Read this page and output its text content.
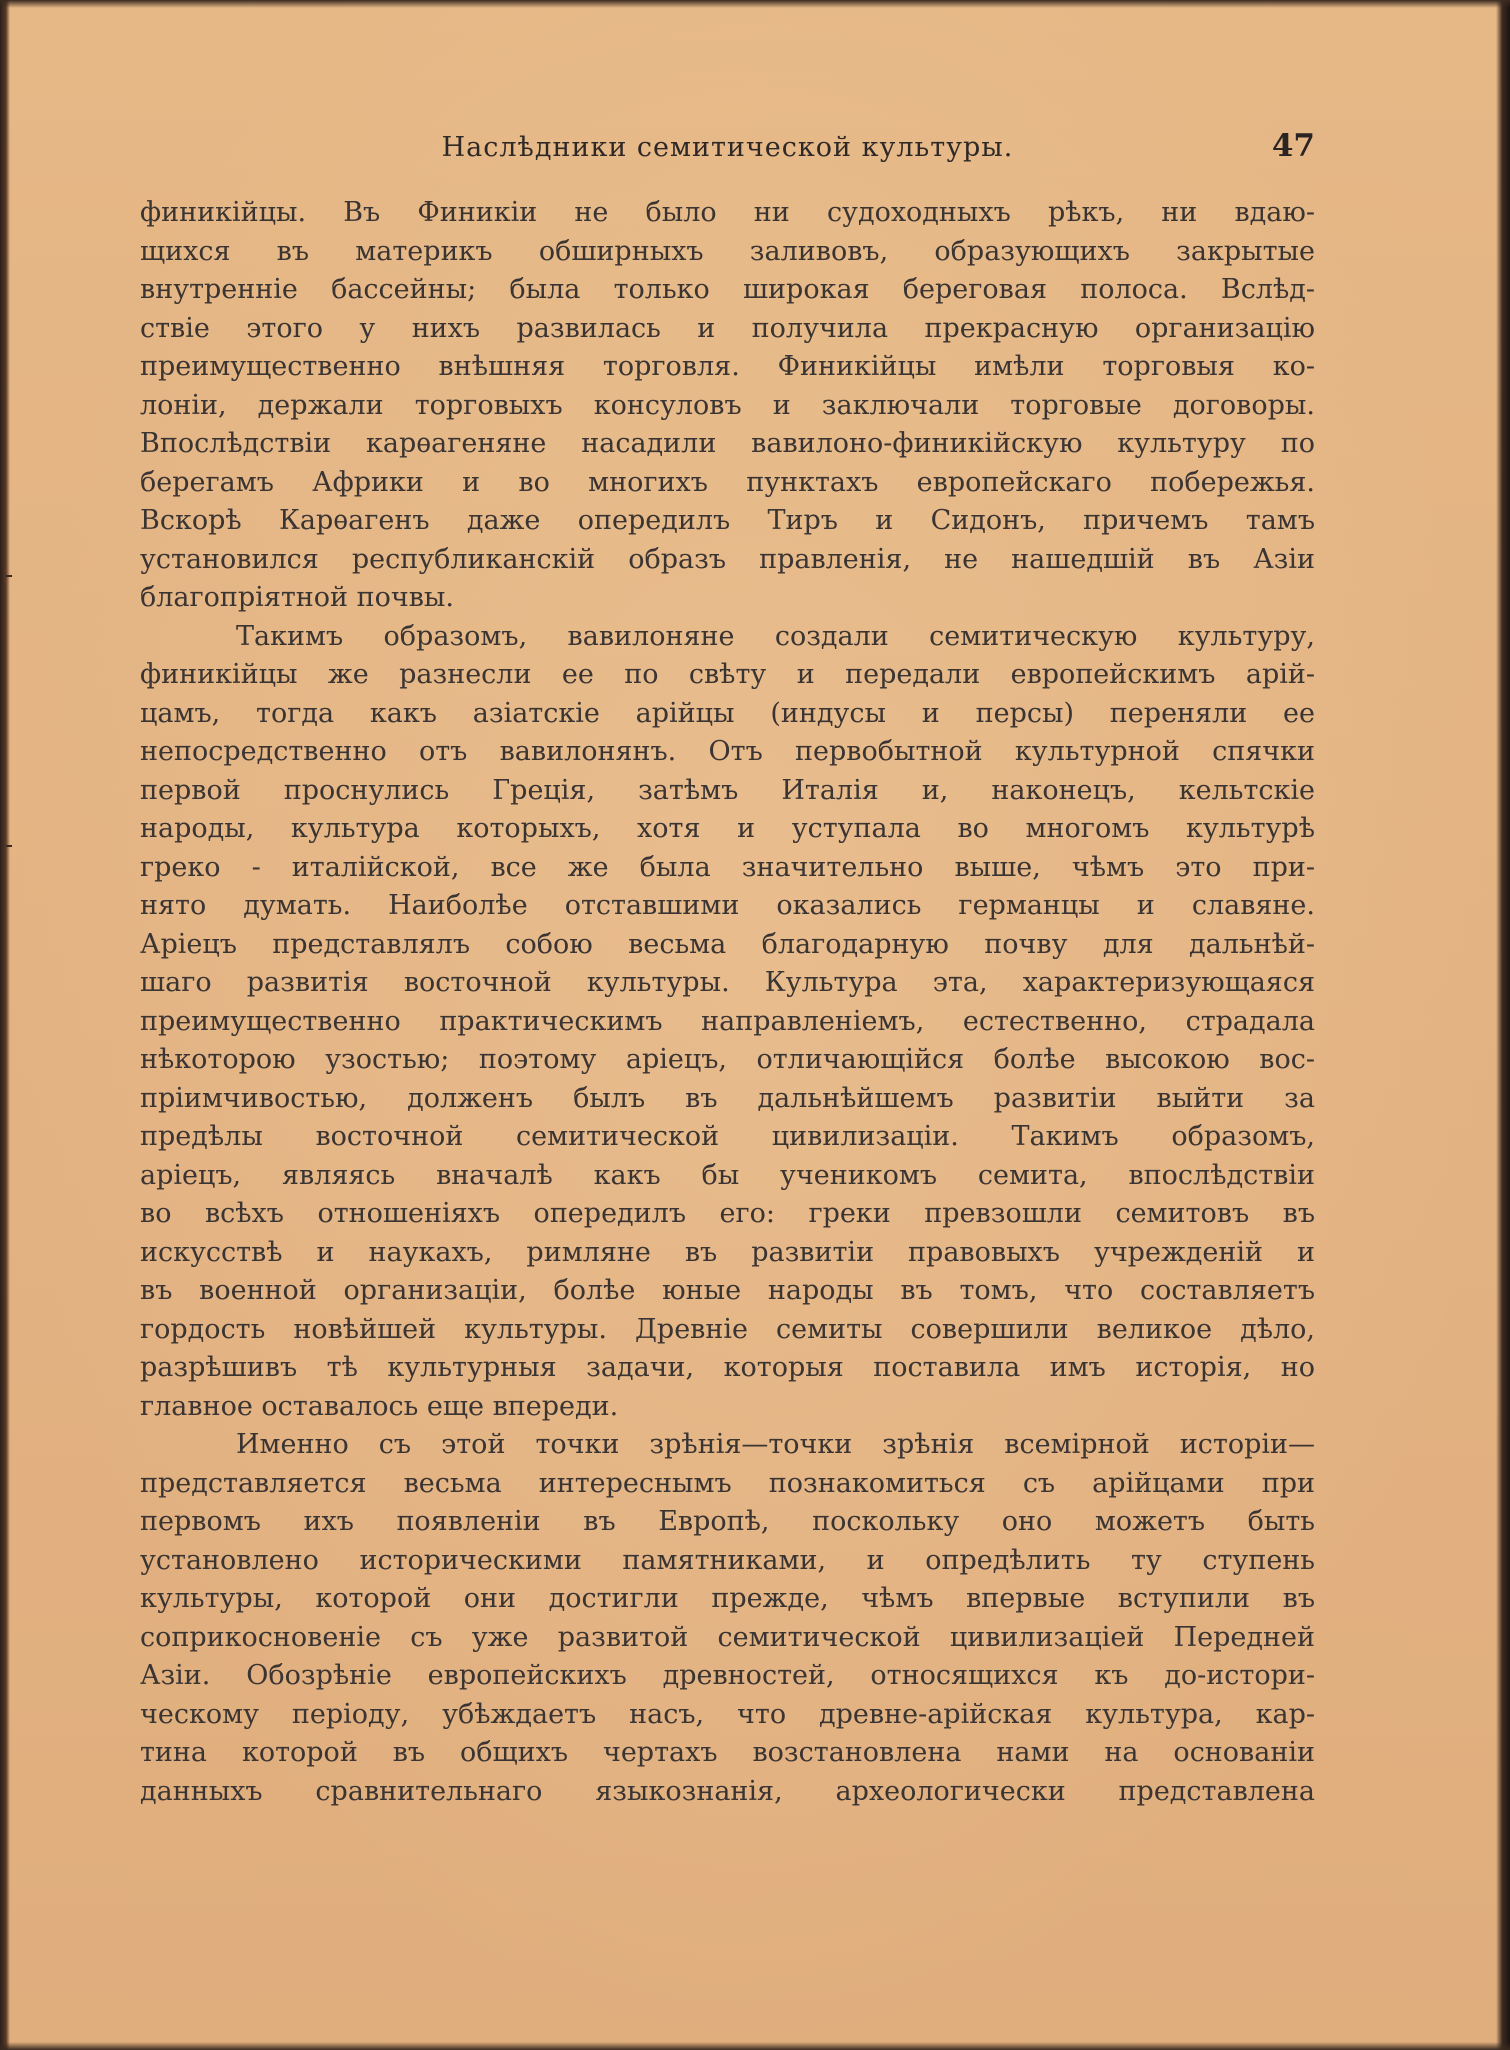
Наслѣдники семитической культуры.	47
финикійцы. Въ Финикіи не было ни судоходныхъ рѣкъ, ни вдаю-
щихся въ материкъ обширныхъ заливовъ, образующихъ закрытые
внутренніе бассейны; была только широкая береговая полоса. Вслѣд-
ствіе этого у нихъ развилась и получила прекрасную организацію
преимущественно внѣшняя торговля. Финикійцы имѣли торговыя ко-
лоніи, держали торговыхъ консуловъ и заключали торговые договоры.
Впослѣдствіи карѳагеняне насадили вавилоно-финикійскую культуру по
берегамъ Африки и во многихъ пунктахъ европейскаго побережья.
Вскорѣ Карѳагенъ даже опередилъ Тиръ и Сидонъ, причемъ тамъ
установился республиканскій образъ правленія, не нашедшій въ Азіи
благопріятной почвы.
Такимъ образомъ, вавилоняне создали семитическую культуру,
финикійцы же разнесли ее по свѣту и передали европейскимъ арій-
цамъ, тогда какъ азіатскіе арійцы (индусы и персы) переняли ее
непосредственно отъ вавилонянъ. Отъ первобытной культурной спячки
первой проснулись Греція, затѣмъ Италія и, наконецъ, кельтскіе
народы, культура которыхъ, хотя и уступала во многомъ культурѣ
греко - италійской, все же была значительно выше, чѣмъ это при-
нято думать. Наиболѣе отставшими оказались германцы и славяне.
Аріецъ представлялъ собою весьма благодарную почву для дальнѣй-
шаго развитія восточной культуры. Культура эта, характеризующаяся
преимущественно практическимъ направленіемъ, естественно, страдала
нѣкоторою узостью; поэтому аріецъ, отличающійся болѣе высокою вос-
пріимчивостью, долженъ былъ въ дальнѣйшемъ развитіи выйти за
предѣлы восточной семитической цивилизаціи. Такимъ образомъ,
аріецъ, являясь вначалѣ какъ бы ученикомъ семита, впослѣдствіи
во всѣхъ отношеніяхъ опередилъ его: греки превзошли семитовъ въ
искусствѣ и наукахъ, римляне въ развитіи правовыхъ учрежденій и
въ военной организаціи, болѣе юные народы въ томъ, что составляетъ
гордость новѣйшей культуры. Древніе семиты совершили великое дѣло,
разрѣшивъ тѣ культурныя задачи, которыя поставила имъ исторія, но
главное оставалось еще впереди.
Именно съ этой точки зрѣнія—точки зрѣнія всемірной исторіи—
представляется весьма интереснымъ познакомиться съ арійцами при
первомъ ихъ появленіи въ Европѣ, поскольку оно можетъ быть
установлено историческими памятниками, и опредѣлить ту ступень
культуры, которой они достигли прежде, чѣмъ впервые вступили въ
соприкосновеніе съ уже развитой семитической цивилизаціей Передней
Азіи. Обозрѣніе европейскихъ древностей, относящихся къ до-истори-
ческому періоду, убѣждаетъ насъ, что древне-арійская культура, кар-
тина которой въ общихъ чертахъ возстановлена нами на основаніи
данныхъ сравнительнаго языкознанія, археологически представлена
